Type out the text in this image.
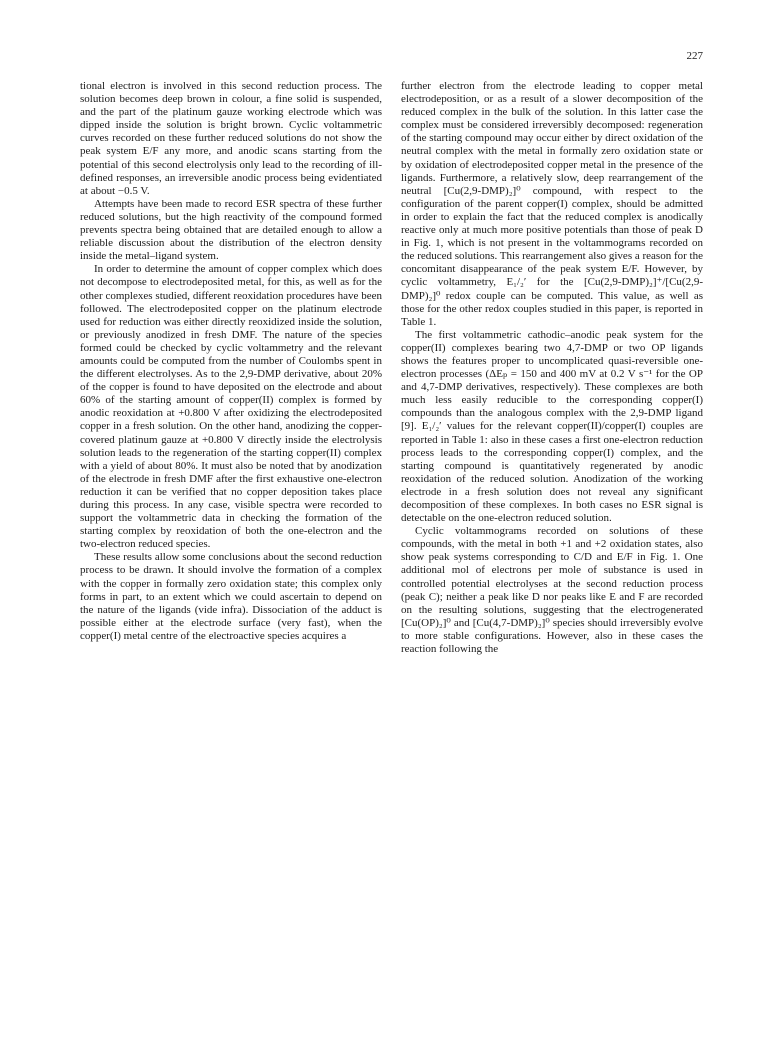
227

tional electron is involved in this second reduction process. The solution becomes deep brown in colour, a fine solid is suspended, and the part of the platinum gauze working electrode which was dipped inside the solution is bright brown. Cyclic voltammetric curves recorded on these further reduced solutions do not show the peak system E/F any more, and anodic scans starting from the potential of this second electrolysis only lead to the recording of ill-defined responses, an irreversible anodic process being evidentiated at about −0.5 V.

Attempts have been made to record ESR spectra of these further reduced solutions, but the high reactivity of the compound formed prevents spectra being obtained that are detailed enough to allow a reliable discussion about the distribution of the electron density inside the metal–ligand system.

In order to determine the amount of copper complex which does not decompose to electrodeposited metal, for this, as well as for the other complexes studied, different reoxidation procedures have been followed. The electrodeposited copper on the platinum electrode used for reduction was either directly reoxidized inside the solution, or previously anodized in fresh DMF. The nature of the species formed could be checked by cyclic voltammetry and the relevant amounts could be computed from the number of Coulombs spent in the different electrolyses. As to the 2,9-DMP derivative, about 20% of the copper is found to have deposited on the electrode and about 60% of the starting amount of copper(II) complex is formed by anodic reoxidation at +0.800 V after oxidizing the electrodeposited copper in a fresh solution. On the other hand, anodizing the copper-covered platinum gauze at +0.800 V directly inside the electrolysis solution leads to the regeneration of the starting copper(II) complex with a yield of about 80%. It must also be noted that by anodization of the electrode in fresh DMF after the first exhaustive one-electron reduction it can be verified that no copper deposition takes place during this process. In any case, visible spectra were recorded to support the voltammetric data in checking the formation of the starting complex by reoxidation of both the one-electron and the two-electron reduced species.

These results allow some conclusions about the second reduction process to be drawn. It should involve the formation of a complex with the copper in formally zero oxidation state; this complex only forms in part, to an extent which we could ascertain to depend on the nature of the ligands (vide infra). Dissociation of the adduct is possible either at the electrode surface (very fast), when the copper(I) metal centre of the electroactive species acquires a

further electron from the electrode leading to copper metal electrodeposition, or as a result of a slower decomposition of the reduced complex in the bulk of the solution. In this latter case the complex must be considered irreversibly decomposed: regeneration of the starting compound may occur either by direct oxidation of the neutral complex with the metal in formally zero oxidation state or by oxidation of electrodeposited copper metal in the presence of the ligands. Furthermore, a relatively slow, deep rearrangement of the neutral [Cu(2,9-DMP)₂]⁰ compound, with respect to the configuration of the parent copper(I) complex, should be admitted in order to explain the fact that the reduced complex is anodically reactive only at much more positive potentials than those of peak D in Fig. 1, which is not present in the voltammograms recorded on the reduced solutions. This rearrangement also gives a reason for the concomitant disappearance of the peak system E/F. However, by cyclic voltammetry, E₁/₂′ for the [Cu(2,9-DMP)₂]⁺/[Cu(2,9-DMP)₂]⁰ redox couple can be computed. This value, as well as those for the other redox couples studied in this paper, is reported in Table 1.

The first voltammetric cathodic–anodic peak system for the copper(II) complexes bearing two 4,7-DMP or two OP ligands shows the features proper to uncomplicated quasi-reversible one-electron processes (ΔEₚ = 150 and 400 mV at 0.2 V s⁻¹ for the OP and 4,7-DMP derivatives, respectively). These complexes are both much less easily reducible to the corresponding copper(I) compounds than the analogous complex with the 2,9-DMP ligand [9]. E₁/₂′ values for the relevant copper(II)/copper(I) couples are reported in Table 1: also in these cases a first one-electron reduction process leads to the corresponding copper(I) complex, and the starting compound is quantitatively regenerated by anodic reoxidation of the reduced solution. Anodization of the working electrode in a fresh solution does not reveal any significant decomposition of these complexes. In both cases no ESR signal is detectable on the one-electron reduced solution.

Cyclic voltammograms recorded on solutions of these compounds, with the metal in both +1 and +2 oxidation states, also show peak systems corresponding to C/D and E/F in Fig. 1. One additional mol of electrons per mole of substance is used in controlled potential electrolyses at the second reduction process (peak C); neither a peak like D nor peaks like E and F are recorded on the resulting solutions, suggesting that the electrogenerated [Cu(OP)₂]⁰ and [Cu(4,7-DMP)₂]⁰ species should irreversibly evolve to more stable configurations. However, also in these cases the reaction following the
